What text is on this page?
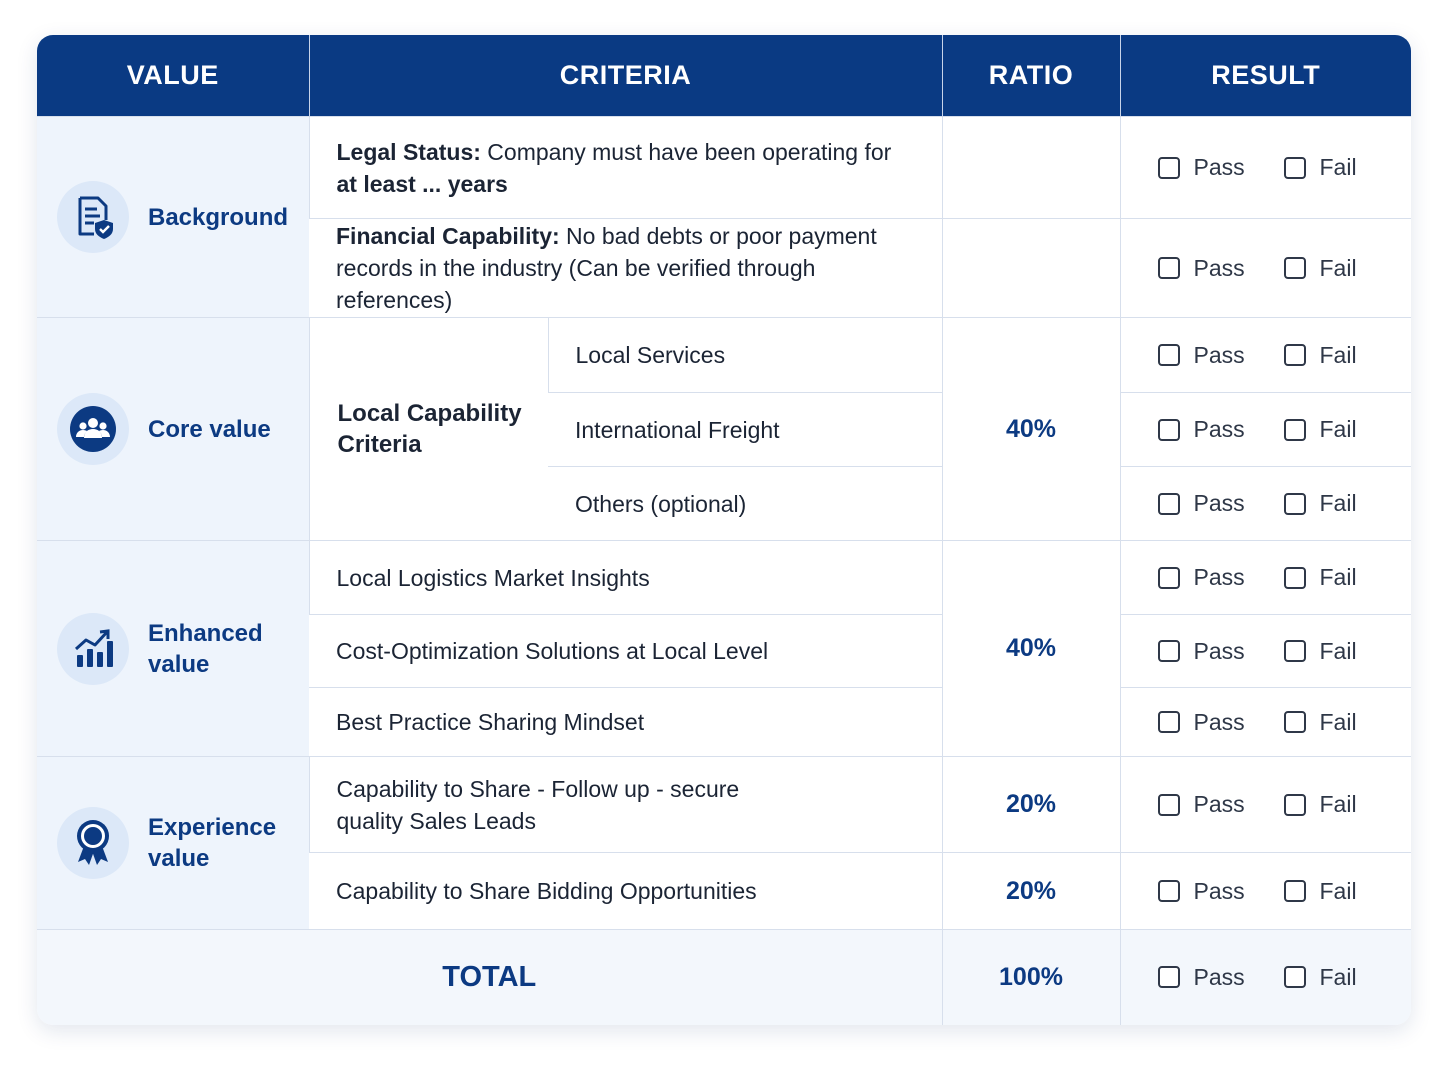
VALUE	CRITERIA		RATIO	RESULT

Background	Legal Status: Company must have been operating for at least ... years			Pass Fail

	Financial Capability: No bad debts or poor payment records in the industry (Can be verified through references)			Pass Fail

Core value	Local Capability Criteria	Local Services	40%	Pass Fail

		International Freight		Pass Fail

		Others (optional)		Pass Fail

Enhanced value	Local Logistics Market Insights		40%	Pass Fail

	Cost-Optimization Solutions at Local Level			Pass Fail

	Best Practice Sharing Mindset			Pass Fail

Experience value	Capability to Share - Follow up - secure quality Sales Leads		20%	Pass Fail

	Capability to Share Bidding Opportunities		20%	Pass Fail

TOTAL			100%	Pass Fail
